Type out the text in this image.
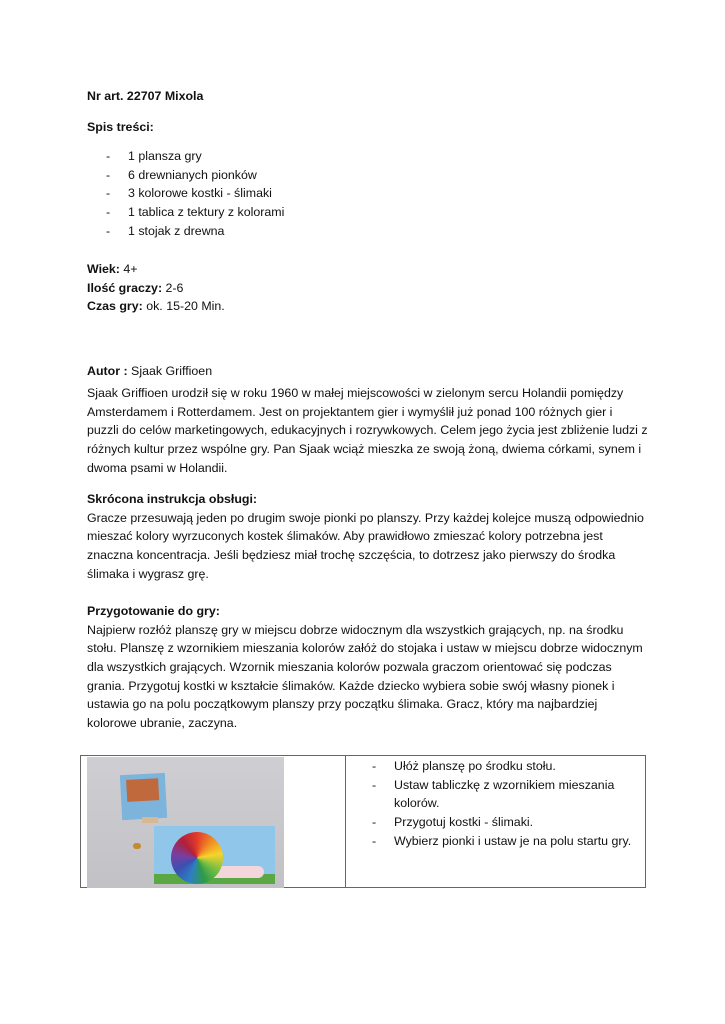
Nr art. 22707 Mixola
Spis treści:
- 1 plansza gry
- 6 drewnianych pionków
- 3 kolorowe kostki - ślimaki
- 1 tablica z tektury z kolorami
- 1 stojak z drewna
Wiek: 4+
Ilość graczy: 2-6
Czas gry: ok. 15-20 Min.

Autor : Sjaak Griffioen

Sjaak Griffioen urodził się w roku 1960 w małej miejscowości w zielonym sercu Holandii pomiędzy
Amsterdamem i Rotterdamem. Jest on projektantem gier i wymyślił już ponad 100 różnych gier i
puzzli do celów marketingowych, edukacyjnych i rozrywkowych. Celem jego życia jest zbliżenie ludzi z
różnych kultur przez wspólne gry. Pan Sjaak wciąż mieszka ze swoją żoną, dwiema córkami, synem i
dwoma psami w Holandii.
Skrócona instrukcja obsługi:
Gracze przesuwają jeden po drugim swoje pionki po planszy. Przy każdej kolejce muszą odpowiednio
mieszać kolory wyrzuconych kostek ślimaków. Aby prawidłowo zmieszać kolory potrzebna jest
znaczna koncentracja. Jeśli będziesz miał trochę szczęścia, to dotrzesz jako pierwszy do środka
ślimaka i wygrasz grę.
Przygotowanie do gry:
Najpierw rozłóż planszę gry w miejscu dobrze widocznym dla wszystkich grających, np. na środku
stołu. Planszę z wzornikiem mieszania kolorów załóż do stojaka i ustaw w miejscu dobrze widocznym
dla wszystkich grających. Wzornik mieszania kolorów pozwala graczom orientować się podczas
grania. Przygotuj kostki w kształcie ślimaków. Każde dziecko wybiera sobie swój własny pionek i
ustawia go na polu początkowym planszy przy początku ślimaka. Gracz, który ma najbardziej
kolorowe ubranie, zaczyna.

- Ułóż planszę po środku stołu.
- Ustaw tabliczkę z wzornikiem mieszania
kolorów.
- Przygotuj kostki - ślimaki.
- Wybierz pionki i ustaw je na polu startu gry.
